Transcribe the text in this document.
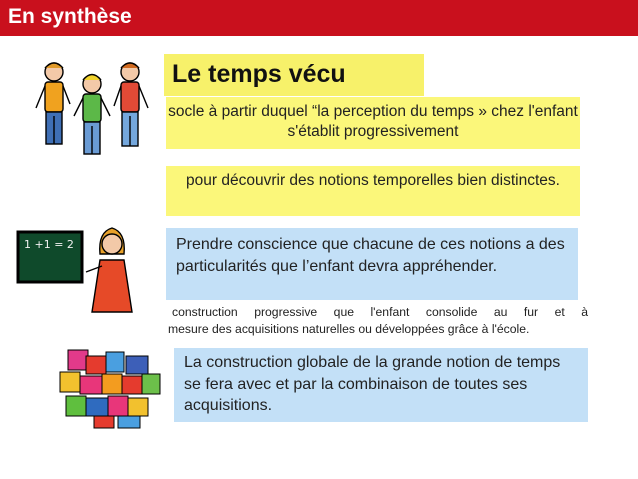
En synthèse
1 +1 = 2
Le temps vécu
socle à partir duquel “la perception du temps » chez l'enfant s'établit progressivement
pour découvrir des notions temporelles bien distinctes.
Prendre conscience que chacune de ces notions a des particularités que l’enfant devra appréhender.
construction progressive que l'enfant consolide au fur et à
mesure des acquisitions naturelles ou développées grâce à l'école.
La construction globale de la grande notion de temps se fera avec et par la combinaison de toutes ses acquisitions.
